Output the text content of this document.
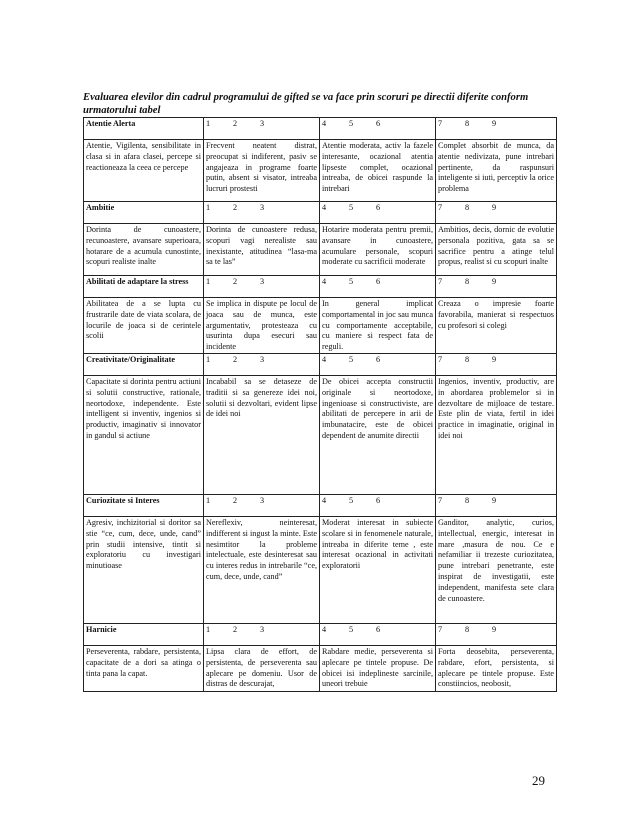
Evaluarea elevilor din cadrul programului de gifted se va face prin scoruri pe directii diferite conform urmatorului tabel

Atentie Alerta	1 2 3	4 5 6	7 8 9

Atentie, Vigilenta, sensibilitate in clasa si in afara clasei, percepe si reactioneaza la ceea ce percepe	Frecvent neatent distrat, preocupat si indiferent, pasiv se angajeaza in programe foarte putin, absent si visator, intreaba lucruri prostesti	Atentie moderata, activ la fazele interesante, ocazional atentia lipseste complet, ocazional intreaba, de obicei raspunde la intrebari	Complet absorbit de munca, da atentie nedivizata, pune intrebari pertinente, da raspunsuri inteligente si iuti, perceptiv la orice problema
Ambitie	1 2 3	4 5 6	7 8 9

Dorinta de cunoastere, recunoastere, avansare superioara, hotarare de a acumula cunostinte, scopuri realiste inalte	Dorinta de cunoastere redusa, scopuri vagi nerealiste sau inexistante, atitudinea “lasa-ma sa te las”	Hotarire moderata pentru premii, avansare in cunoastere, acumulare personale, scopuri moderate cu sacrificii moderate	Ambitios, decis, dornic de evolutie personala pozitiva, gata sa se sacrifice pentru a atinge telul propus, realist si cu scopuri inalte
Abilitati de adaptare la stress	1 2 3	4 5 6	7 8 9

Abilitatea de a se lupta cu frustrarile date de viata scolara, de locurile de joaca si de cerintele scolii	Se implica in dispute pe locul de joaca sau de munca, este argumentativ, protesteaza cu usurinta dupa esecuri sau incidente	In general implicat comportamental in joc sau munca cu comportamente acceptabile, cu maniere si respect fata de reguli.	Creaza o impresie foarte favorabila, manierat si respectuos cu profesori si colegi
Creativitate/Originalitate	1 2 3	4 5 6	7 8 9

Capacitate si dorinta pentru actiuni si solutii constructive, rationale, neortodoxe, independente. Este intelligent si inventiv, ingenios si productiv, imaginativ si innovator in gandul si actiune	Incababil sa se detaseze de traditii si sa genereze idei noi, solutii si dezvoltari, evident lipse de idei noi	De obicei accepta constructii originale si neortodoxe, ingenioase si constructiviste, are abilitati de percepere in arii de imbunatacire, este de obicei dependent de anumite directii	Ingenios, inventiv, productiv, are in abordarea problemelor si in dezvoltare de mijloace de testare. Este plin de viata, fertil in idei practice in imaginatie, original in idei noi
Curiozitate si Interes	1 2 3	4 5 6	7 8 9

Agresiv, inchizitorial si doritor sa stie “ce, cum, dece, unde, cand” prin studii intensive, tintit si exploratoriu cu investigari minutioase	Nereflexiv, neinteresat, indifferent si ingust la minte. Este nesimtitor la probleme intelectuale, este desinteresat sau cu interes redus in intrebarile “ce, cum, dece, unde, cand”	Moderat interesat in subiecte scolare si in fenomenele naturale, intreaba in diferite teme , este interesat ocazional in activitati exploratorii	Ganditor, analytic, curios, intellectual, energic, interesat in mare ,masura de nou. Ce e nefamiliar ii trezeste curiozitatea, pune intrebari penetrante, este inspirat de investigatii, este independent, manifesta sete clara de cunoastere.
Harnicie	1 2 3	4 5 6	7 8 9

Perseverenta, rabdare, persistenta, capacitate de a dori sa atinga o tinta pana la capat.	Lipsa clara de effort, de persistenta, de perseverenta sau aplecare pe domeniu. Usor de distras de descurajat,	Rabdare medie, perseverenta si aplecare pe tintele propuse. De obicei isi indeplineste sarcinile, uneori trebuie	Forta deosebita, perseverenta, rabdare, efort, persistenta, si aplecare pe tintele propuse. Este constiincios, neobosit,

29
